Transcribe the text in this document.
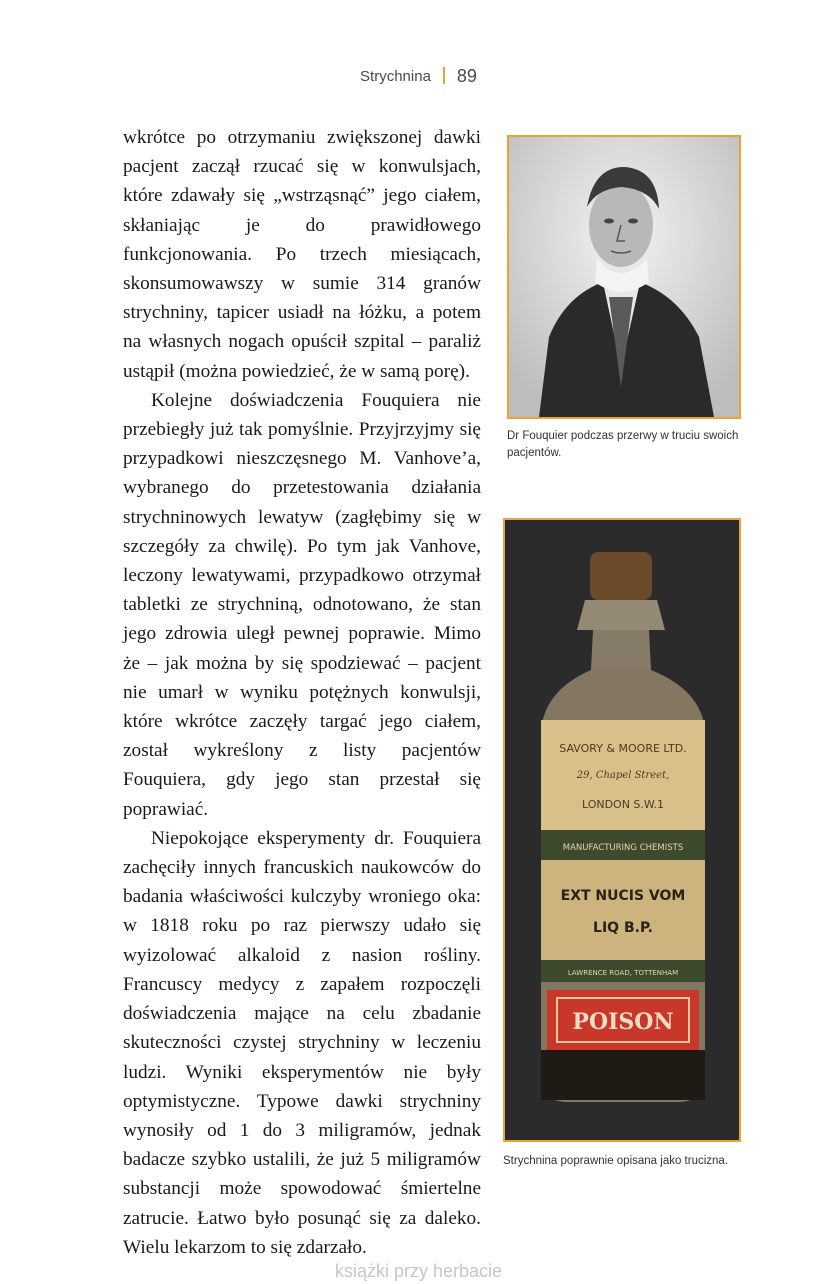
Strychnina 89

wkrótce po otrzymaniu zwiększonej dawki pacjent zaczął rzucać się w konwulsjach, które zdawały się „wstrząsnąć” jego ciałem, skłaniając je do prawidłowego funkcjonowania. Po trzech miesiącach, skonsumowawszy w sumie 314 granów strychniny, tapicer usiadł na łóżku, a potem na własnych nogach opuścił szpital – paraliż ustąpił (można powiedzieć, że w samą porę).

Kolejne doświadczenia Fouquiera nie przebiegły już tak pomyślnie. Przyjrzyjmy się przypadkowi nieszczęsnego M. Vanhove’a, wybranego do przetestowania działania strychninowych lewatyw (zagłębimy się w szczegóły za chwilę). Po tym jak Vanhove, leczony lewatywami, przypadkowo otrzymał tabletki ze strychniną, odnotowano, że stan jego zdrowia uległ pewnej poprawie. Mimo że – jak można by się spodziewać – pacjent nie umarł w wyniku potężnych konwulsji, które wkrótce zaczęły targać jego ciałem, został wykreślony z listy pacjentów Fouquiera, gdy jego stan przestał się poprawiać.

Niepokojące eksperymenty dr. Fouquiera zachęciły innych francuskich naukowców do badania właściwości kulczyby wroniego oka: w 1818 roku po raz pierwszy udało się wyizolować alkaloid z nasion rośliny. Francuscy medycy z zapałem rozpoczęli doświadczenia mające na celu zbadanie skuteczności czystej strychniny w leczeniu ludzi. Wyniki eksperymentów nie były optymistyczne. Typowe dawki strychniny wynosiły od 1 do 3 miligramów, jednak badacze szybko ustalili, że już 5 miligramów substancji może spowodować śmiertelne zatrucie. Łatwo było posunąć się za daleko. Wielu lekarzom to się zdarzało.

Dr Fouquier podczas przerwy w truciu swoich pacjentów.
SAVORY & MOORE LTD.
29, Chapel Street,
LONDON S.W.1
MANUFACTURING CHEMISTS
EXT NUCIS VOM
LIQ B.P.
LAWRENCE ROAD, TOTTENHAM
POISON
Strychnina poprawnie opisana jako trucizna.
książki przy herbacie
